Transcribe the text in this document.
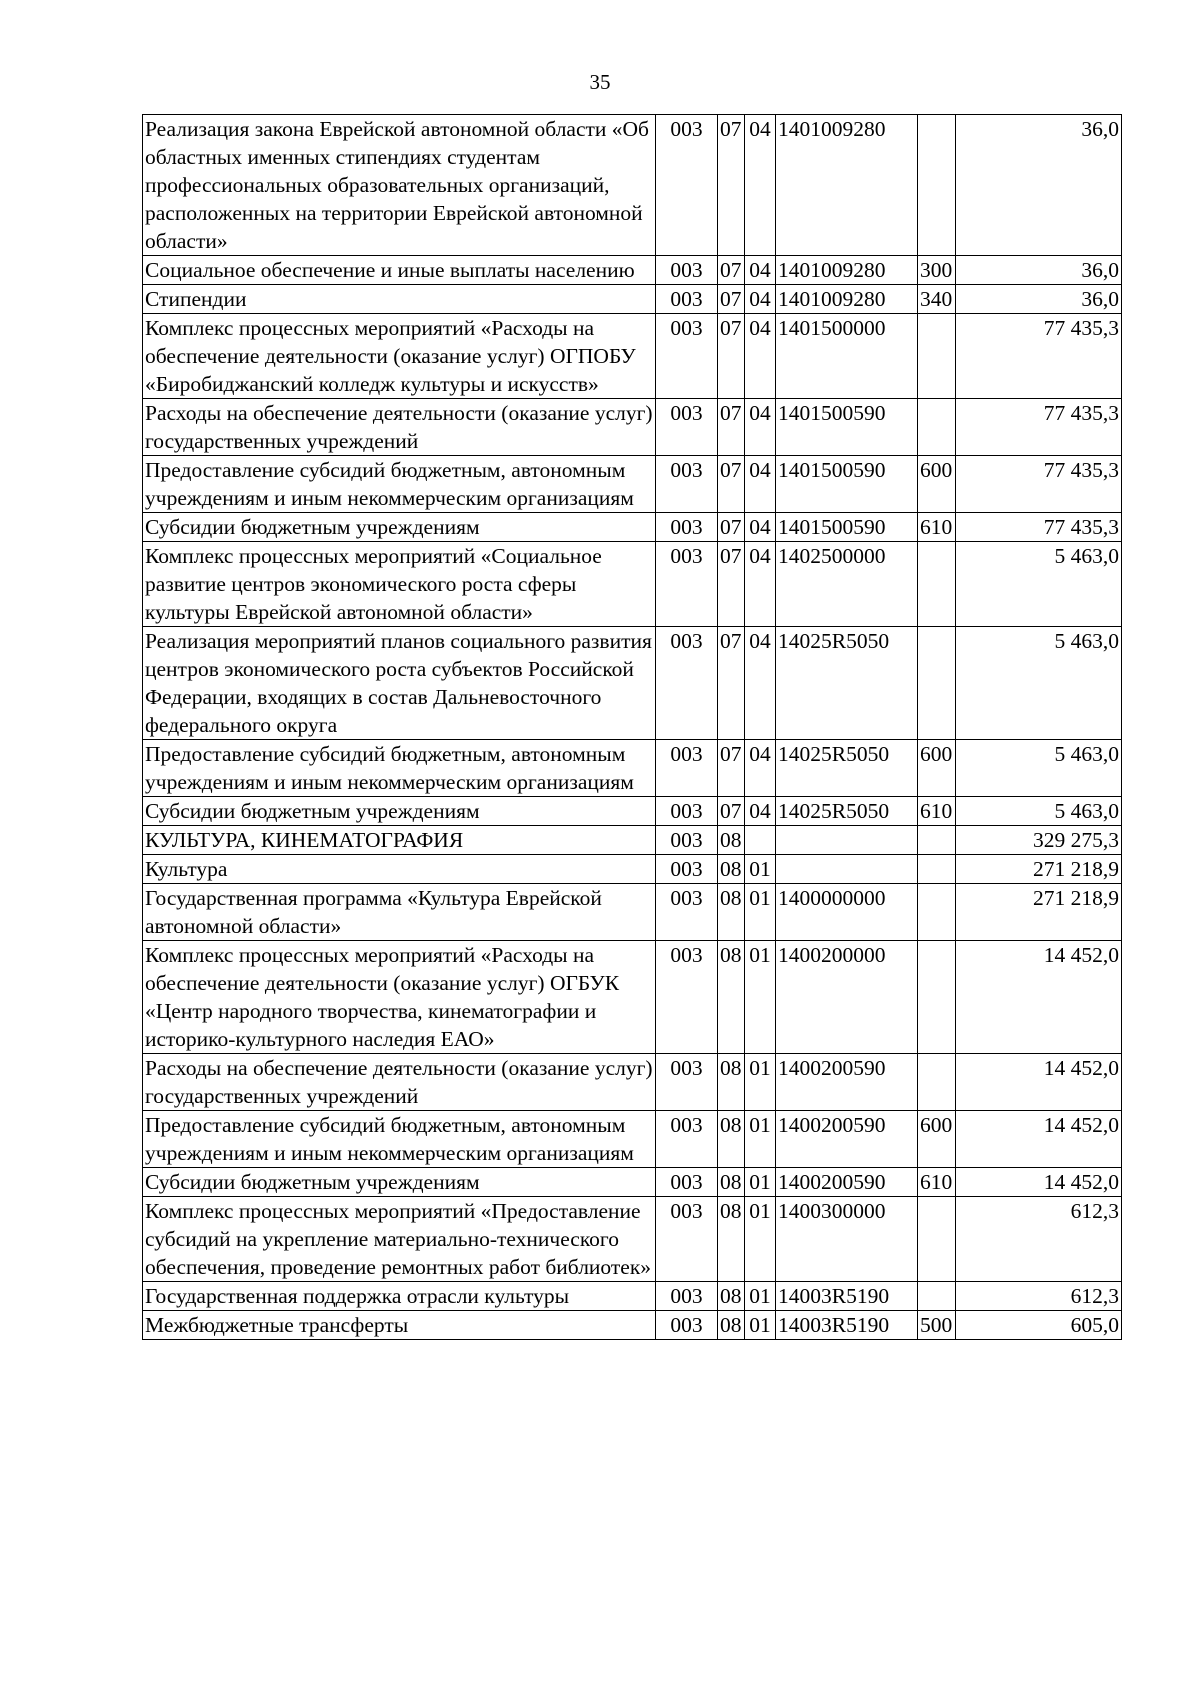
35
Реализация закона Еврейской автономной области «Об областных именных стипендиях студентам профессиональных образовательных организаций, расположенных на территории Еврейской автономной области»	003	07	04	1401009280		36,0
Социальное обеспечение и иные выплаты населению	003	07	04	1401009280	300	36,0
Стипендии	003	07	04	1401009280	340	36,0
Комплекс процессных мероприятий «Расходы на обеспечение деятельности (оказание услуг) ОГПОБУ «Биробиджанский колледж культуры и искусств»	003	07	04	1401500000		77 435,3
Расходы на обеспечение деятельности (оказание услуг) государственных учреждений	003	07	04	1401500590		77 435,3
Предоставление субсидий бюджетным, автономным учреждениям и иным некоммерческим организациям	003	07	04	1401500590	600	77 435,3
Субсидии бюджетным учреждениям	003	07	04	1401500590	610	77 435,3
Комплекс процессных мероприятий «Социальное развитие центров экономического роста сферы культуры Еврейской автономной области»	003	07	04	1402500000		5 463,0
Реализация мероприятий планов социального развития центров экономического роста субъектов Российской Федерации, входящих в состав Дальневосточного федерального округа	003	07	04	14025R5050		5 463,0
Предоставление субсидий бюджетным, автономным учреждениям и иным некоммерческим организациям	003	07	04	14025R5050	600	5 463,0
Субсидии бюджетным учреждениям	003	07	04	14025R5050	610	5 463,0
КУЛЬТУРА, КИНЕМАТОГРАФИЯ	003	08				329 275,3
Культура	003	08	01			271 218,9
Государственная программа «Культура Еврейской автономной области»	003	08	01	1400000000		271 218,9
Комплекс процессных мероприятий «Расходы на обеспечение деятельности (оказание услуг) ОГБУК «Центр народного творчества, кинематографии и историко-культурного наследия ЕАО»	003	08	01	1400200000		14 452,0
Расходы на обеспечение деятельности (оказание услуг) государственных учреждений	003	08	01	1400200590		14 452,0
Предоставление субсидий бюджетным, автономным учреждениям и иным некоммерческим организациям	003	08	01	1400200590	600	14 452,0
Субсидии бюджетным учреждениям	003	08	01	1400200590	610	14 452,0
Комплекс процессных мероприятий «Предоставление субсидий на укрепление материально-технического обеспечения, проведение ремонтных работ библиотек»	003	08	01	1400300000		612,3
Государственная поддержка отрасли культуры	003	08	01	14003R5190		612,3
Межбюджетные трансферты	003	08	01	14003R5190	500	605,0
